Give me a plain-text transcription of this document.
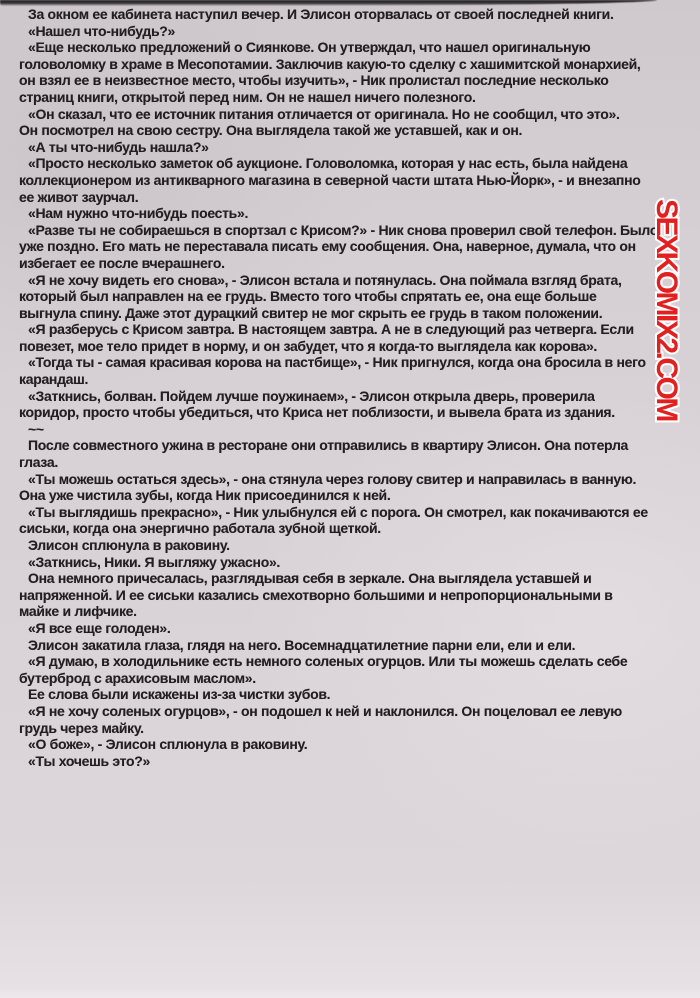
За окном ее кабинета наступил вечер. И Элисон оторвалась от своей последней книги.
«Нашел что-нибудь?»
«Еще несколько предложений о Сиянкове. Он утверждал, что нашел оригинальную
головоломку в храме в Месопотамии. Заключив какую-то сделку с хашимитской монархией,
он взял ее в неизвестное место, чтобы изучить», - Ник пролистал последние несколько
страниц книги, открытой перед ним. Он не нашел ничего полезного.
«Он сказал, что ее источник питания отличается от оригинала. Но не сообщил, что это».
Он посмотрел на свою сестру. Она выглядела такой же уставшей, как и он.
«А ты что-нибудь нашла?»
«Просто несколько заметок об аукционе. Головоломка, которая у нас есть, была найдена
коллекционером из антикварного магазина в северной части штата Нью-Йорк», - и внезапно
ее живот заурчал.
«Нам нужно что-нибудь поесть».
«Разве ты не собираешься в спортзал с Крисом?» - Ник снова проверил свой телефон. Было
уже поздно. Его мать не переставала писать ему сообщения. Она, наверное, думала, что он
избегает ее после вчерашнего.
«Я не хочу видеть его снова», - Элисон встала и потянулась. Она поймала взгляд брата,
который был направлен на ее грудь. Вместо того чтобы спрятать ее, она еще больше
выгнула спину. Даже этот дурацкий свитер не мог скрыть ее грудь в таком положении.
«Я разберусь с Крисом завтра. В настоящем завтра. А не в следующий раз четверга. Если
повезет, мое тело придет в норму, и он забудет, что я когда-то выглядела как корова».
«Тогда ты - самая красивая корова на пастбище», - Ник пригнулся, когда она бросила в него
карандаш.
«Заткнись, болван. Пойдем лучше поужинаем», - Элисон открыла дверь, проверила
коридор, просто чтобы убедиться, что Криса нет поблизости, и вывела брата из здания.
~~
После совместного ужина в ресторане они отправились в квартиру Элисон. Она потерла
глаза.
«Ты можешь остаться здесь», - она стянула через голову свитер и направилась в ванную.
Она уже чистила зубы, когда Ник присоединился к ней.
«Ты выглядишь прекрасно», - Ник улыбнулся ей с порога. Он смотрел, как покачиваются ее
сиськи, когда она энергично работала зубной щеткой.
Элисон сплюнула в раковину.
«Заткнись, Ники. Я выгляжу ужасно».
Она немного причесалась, разглядывая себя в зеркале. Она выглядела уставшей и
напряженной. И ее сиськи казались смехотворно большими и непропорциональными в
майке и лифчике.
«Я все еще голоден».
Элисон закатила глаза, глядя на него. Восемнадцатилетние парни ели, ели и ели.
«Я думаю, в холодильнике есть немного соленых огурцов. Или ты можешь сделать себе
бутерброд с арахисовым маслом».
Ее слова были искажены из-за чистки зубов.
«Я не хочу соленых огурцов», - он подошел к ней и наклонился. Он поцеловал ее левую
грудь через майку.
«О боже», - Элисон сплюнула в раковину.
«Ты хочешь это?»
SEXKOMIX2.COM
